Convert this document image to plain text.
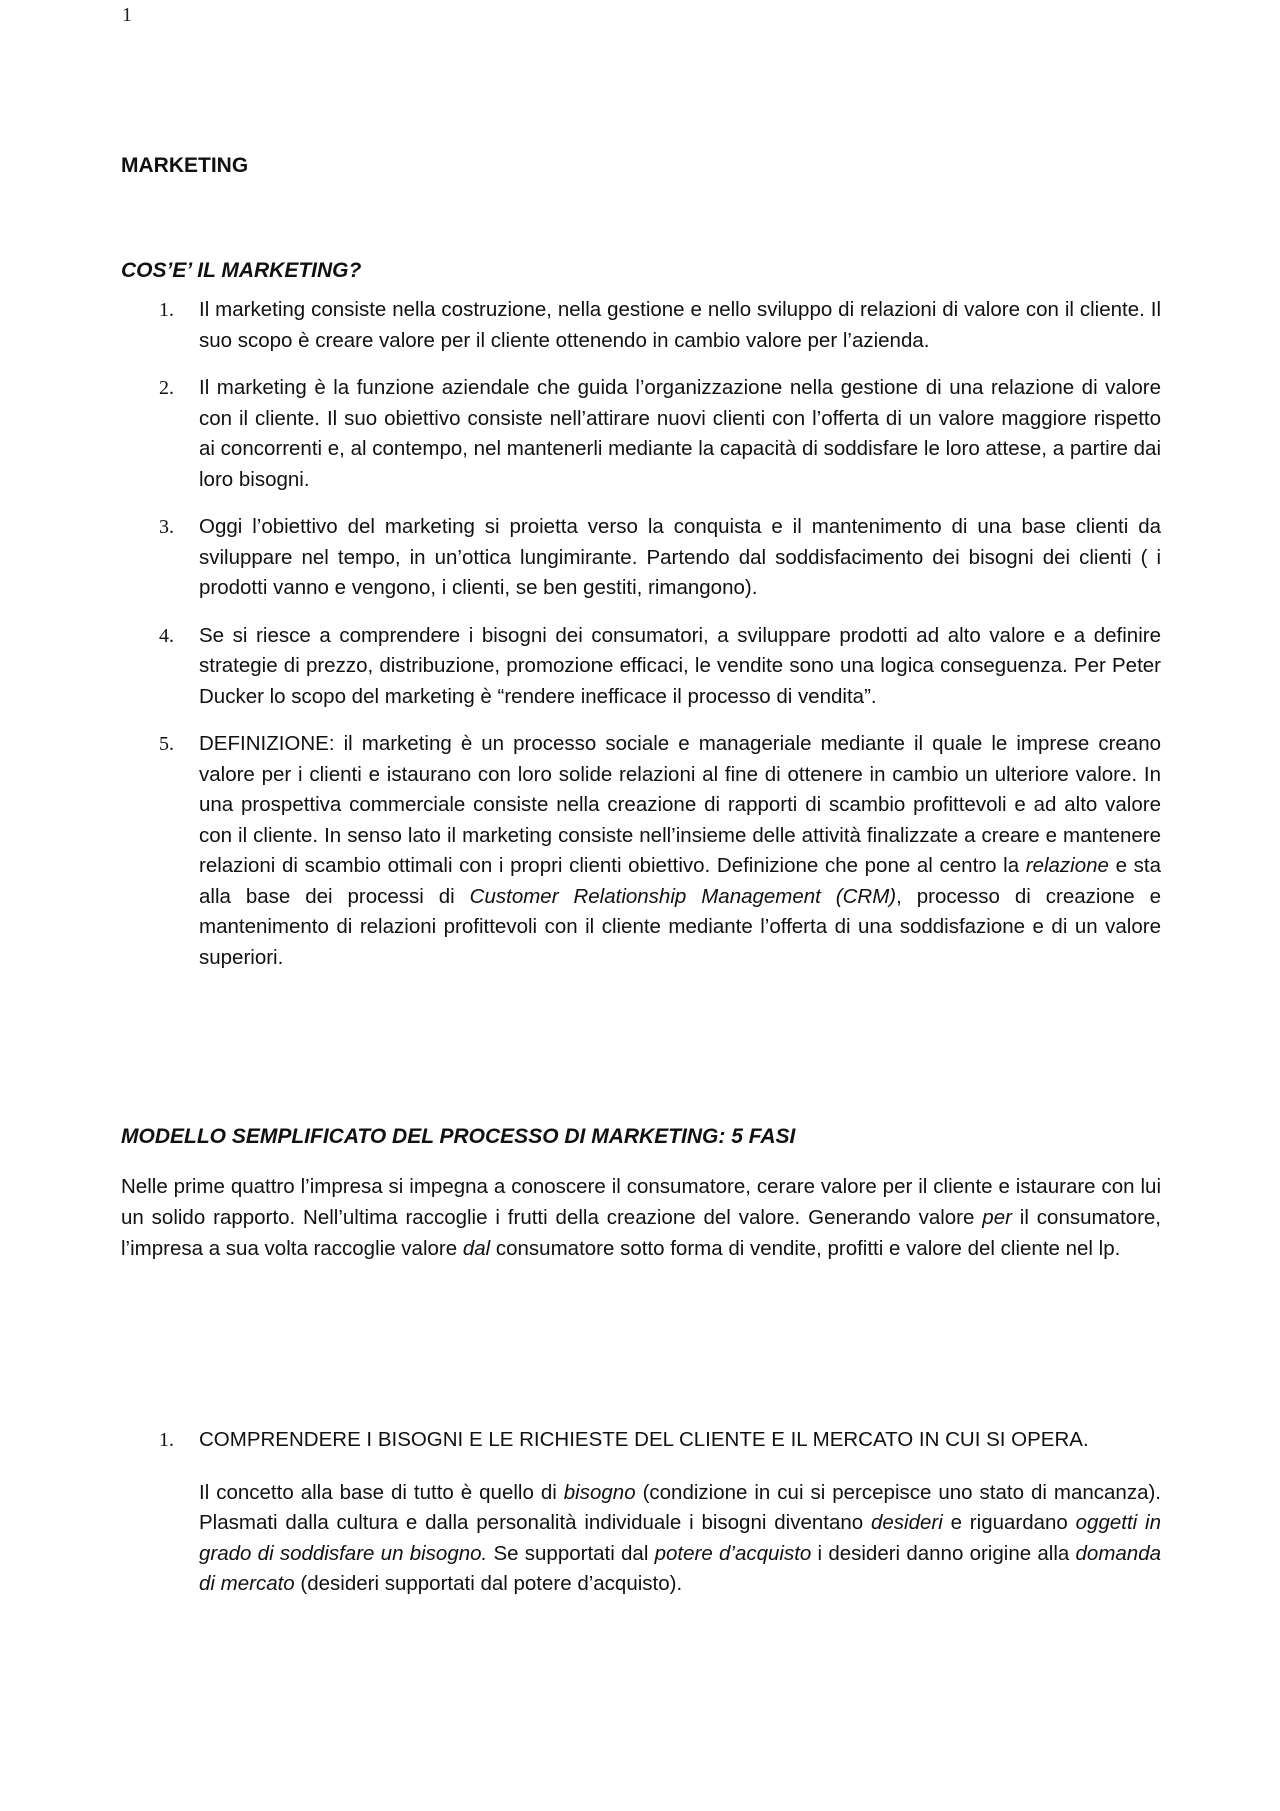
1
MARKETING
COS’E’ IL MARKETING?
1. Il marketing consiste nella costruzione, nella gestione e nello sviluppo di relazioni di valore con il cliente. Il suo scopo è creare valore per il cliente ottenendo in cambio valore per l’azienda.

2. Il marketing è la funzione aziendale che guida l’organizzazione nella gestione di una relazione di valore con il cliente. Il suo obiettivo consiste nell’attirare nuovi clienti con l’offerta di un valore maggiore rispetto ai concorrenti e, al contempo, nel mantenerli mediante la capacità di soddisfare le loro attese, a partire dai loro bisogni.

3. Oggi l’obiettivo del marketing si proietta verso la conquista e il mantenimento di una base clienti da sviluppare nel tempo, in un’ottica lungimirante. Partendo dal soddisfacimento dei bisogni dei clienti ( i prodotti vanno e vengono, i clienti, se ben gestiti, rimangono).

4. Se si riesce a comprendere i bisogni dei consumatori, a sviluppare prodotti ad alto valore e a definire strategie di prezzo, distribuzione, promozione efficaci, le vendite sono una logica conseguenza. Per Peter Ducker lo scopo del marketing è “rendere inefficace il processo di vendita”.

5. DEFINIZIONE: il marketing è un processo sociale e manageriale mediante il quale le imprese creano valore per i clienti e istaurano con loro solide relazioni al fine di ottenere in cambio un ulteriore valore. In una prospettiva commerciale consiste nella creazione di rapporti di scambio profittevoli e ad alto valore con il cliente. In senso lato il marketing consiste nell’insieme delle attività finalizzate a creare e mantenere relazioni di scambio ottimali con i propri clienti obiettivo. Definizione che pone al centro la relazione e sta alla base dei processi di Customer Relationship Management (CRM), processo di creazione e mantenimento di relazioni profittevoli con il cliente mediante l’offerta di una soddisfazione e di un valore superiori.

MODELLO SEMPLIFICATO DEL PROCESSO DI MARKETING: 5 FASI

Nelle prime quattro l’impresa si impegna a conoscere il consumatore, cerare valore per il cliente e istaurare con lui un solido rapporto. Nell’ultima raccoglie i frutti della creazione del valore. Generando valore per il consumatore, l’impresa a sua volta raccoglie valore dal consumatore sotto forma di vendite, profitti e valore del cliente nel lp.

1. COMPRENDERE I BISOGNI E LE RICHIESTE DEL CLIENTE E IL MERCATO IN CUI SI OPERA.

Il concetto alla base di tutto è quello di bisogno (condizione in cui si percepisce uno stato di mancanza). Plasmati dalla cultura e dalla personalità individuale i bisogni diventano desideri e riguardano oggetti in grado di soddisfare un bisogno. Se supportati dal potere d’acquisto i desideri danno origine alla domanda di mercato (desideri supportati dal potere d’acquisto).
